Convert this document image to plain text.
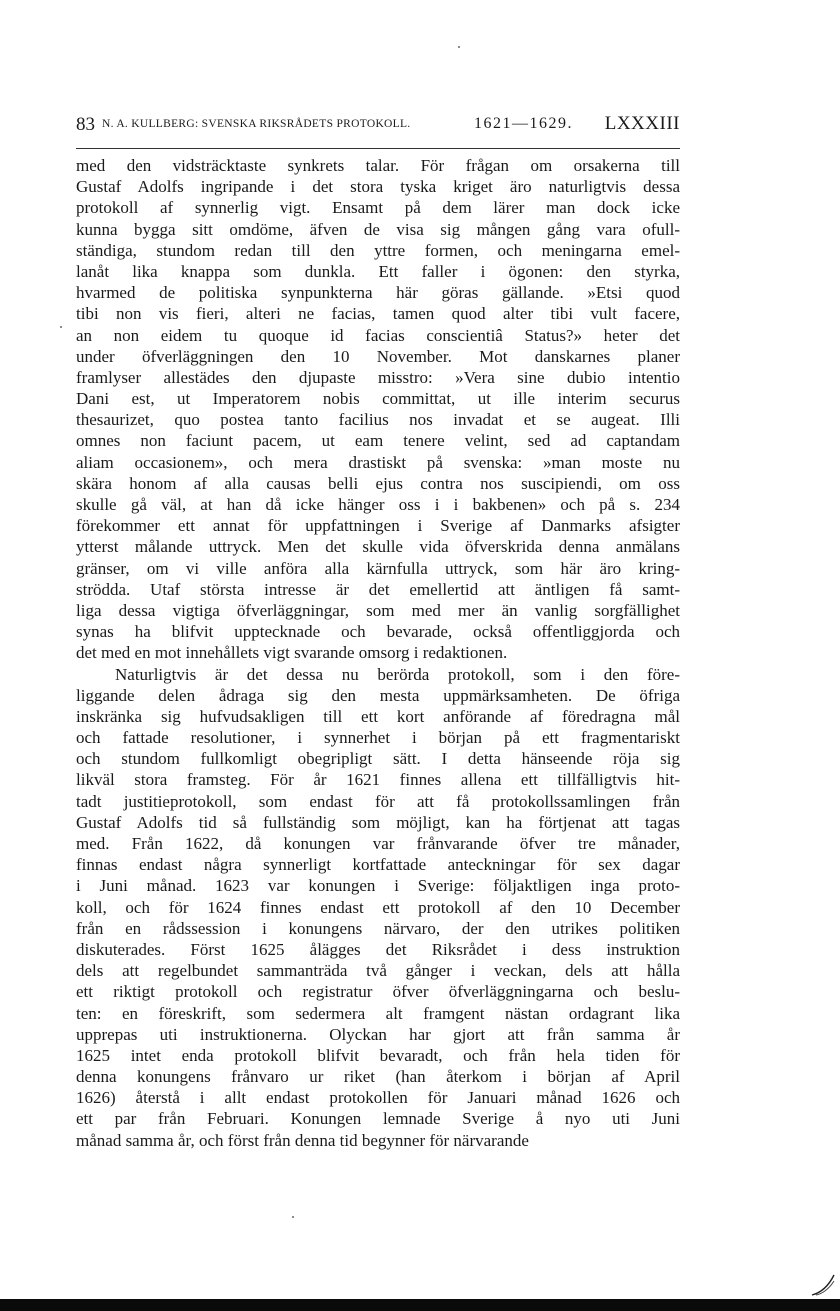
83 N. A. KULLBERG: SVENSKA RIKSRÅDETS PROTOKOLL.	1621—1629. LXXXIII
med den vidsträcktaste synkrets talar. För frågan om orsakerna till
Gustaf Adolfs ingripande i det stora tyska kriget äro naturligtvis dessa
protokoll af synnerlig vigt. Ensamt på dem lärer man dock icke
kunna bygga sitt omdöme, äfven de visa sig mången gång vara ofull-
ständiga, stundom redan till den yttre formen, och meningarna emel-
lanåt lika knappa som dunkla. Ett faller i ögonen: den styrka,
hvarmed de politiska synpunkterna här göras gällande. »Etsi quod
tibi non vis fieri, alteri ne facias, tamen quod alter tibi vult facere,
an non eidem tu quoque id facias conscientiâ Status?» heter det
under öfverläggningen den 10 November. Mot danskarnes planer
framlyser allestädes den djupaste misstro: »Vera sine dubio intentio
Dani est, ut Imperatorem nobis committat, ut ille interim securus
thesaurizet, quo postea tanto facilius nos invadat et se augeat. Illi
omnes non faciunt pacem, ut eam tenere velint, sed ad captandam
aliam occasionem», och mera drastiskt på svenska: »man moste nu
skära honom af alla causas belli ejus contra nos suscipiendi, om oss
skulle gå väl, at han då icke hänger oss i i bakbenen» och på s. 234
förekommer ett annat för uppfattningen i Sverige af Danmarks afsigter
ytterst målande uttryck. Men det skulle vida öfverskrida denna anmälans
gränser, om vi ville anföra alla kärnfulla uttryck, som här äro kring-
strödda. Utaf största intresse är det emellertid att äntligen få samt-
liga dessa vigtiga öfverläggningar, som med mer än vanlig sorgfällighet
synas ha blifvit upptecknade och bevarade, också offentliggjorda och
det med en mot innehållets vigt svarande omsorg i redaktionen.
Naturligtvis är det dessa nu berörda protokoll, som i den före-
liggande delen ådraga sig den mesta uppmärksamheten. De öfriga
inskränka sig hufvudsakligen till ett kort anförande af föredragna mål
och fattade resolutioner, i synnerhet i början på ett fragmentariskt
och stundom fullkomligt obegripligt sätt. I detta hänseende röja sig
likväl stora framsteg. För år 1621 finnes allena ett tillfälligtvis hit-
tadt justitieprotokoll, som endast för att få protokollssamlingen från
Gustaf Adolfs tid så fullständig som möjligt, kan ha förtjenat att tagas
med. Från 1622, då konungen var frånvarande öfver tre månader,
finnas endast några synnerligt kortfattade anteckningar för sex dagar
i Juni månad. 1623 var konungen i Sverige: följaktligen inga proto-
koll, och för 1624 finnes endast ett protokoll af den 10 December
från en rådssession i konungens närvaro, der den utrikes politiken
diskuterades. Först 1625 ålägges det Riksrådet i dess instruktion
dels att regelbundet sammanträda två gånger i veckan, dels att hålla
ett riktigt protokoll och registratur öfver öfverläggningarna och beslu-
ten: en föreskrift, som sedermera alt framgent nästan ordagrant lika
upprepas uti instruktionerna. Olyckan har gjort att från samma år
1625 intet enda protokoll blifvit bevaradt, och från hela tiden för
denna konungens frånvaro ur riket (han återkom i början af April
1626) återstå i allt endast protokollen för Januari månad 1626 och
ett par från Februari. Konungen lemnade Sverige å nyo uti Juni
månad samma år, och först från denna tid begynner för närvarande
